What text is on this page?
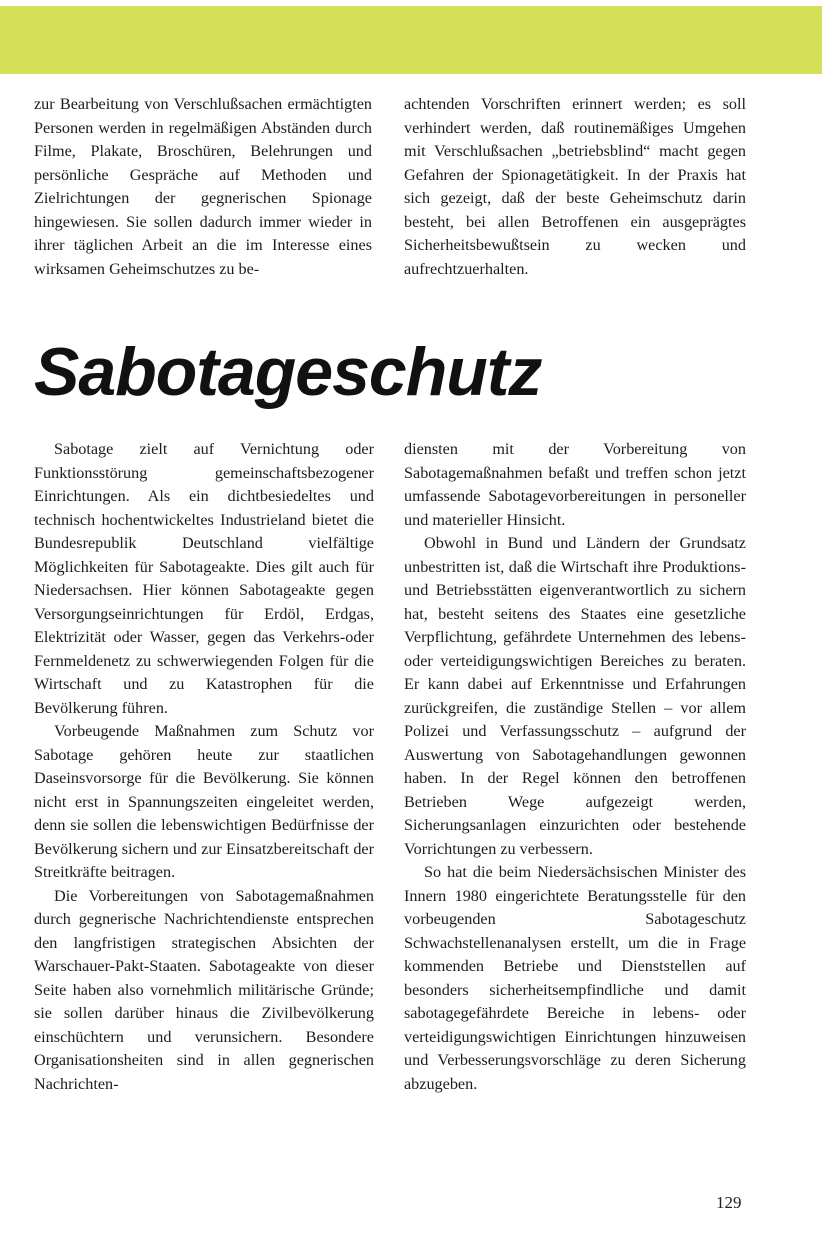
zur Bearbeitung von Verschlußsachen ermächtigten Personen werden in regelmäßigen Abständen durch Filme, Plakate, Broschüren, Belehrungen und persönliche Gespräche auf Methoden und Zielrichtungen der gegnerischen Spionage hingewiesen. Sie sollen dadurch immer wieder in ihrer täglichen Arbeit an die im Interesse eines wirksamen Geheimschutzes zu be-

achtenden Vorschriften erinnert werden; es soll verhindert werden, daß routinemäßiges Umgehen mit Verschlußsachen „betriebsblind“ macht gegen Gefahren der Spionagetätigkeit. In der Praxis hat sich gezeigt, daß der beste Geheimschutz darin besteht, bei allen Betroffenen ein ausgeprägtes Sicherheitsbewußtsein zu wecken und aufrechtzuerhalten.

Sabotageschutz

Sabotage zielt auf Vernichtung oder Funktionsstörung gemeinschaftsbezogener Einrichtungen. Als ein dichtbesiedeltes und technisch hochentwickeltes Industrieland bietet die Bundesrepublik Deutschland vielfältige Möglichkeiten für Sabotageakte. Dies gilt auch für Niedersachsen. Hier können Sabotageakte gegen Versorgungseinrichtungen für Erdöl, Erdgas, Elektrizität oder Wasser, gegen das Verkehrs-oder Fernmeldenetz zu schwerwiegenden Folgen für die Wirtschaft und zu Katastrophen für die Bevölkerung führen.

Vorbeugende Maßnahmen zum Schutz vor Sabotage gehören heute zur staatlichen Daseinsvorsorge für die Bevölkerung. Sie können nicht erst in Spannungszeiten eingeleitet werden, denn sie sollen die lebenswichtigen Bedürfnisse der Bevölkerung sichern und zur Einsatzbereitschaft der Streitkräfte beitragen.

Die Vorbereitungen von Sabotagemaßnahmen durch gegnerische Nachrichtendienste entsprechen den langfristigen strategischen Absichten der Warschauer-Pakt-Staaten. Sabotageakte von dieser Seite haben also vornehmlich militärische Gründe; sie sollen darüber hinaus die Zivilbevölkerung einschüchtern und verunsichern. Besondere Organisationsheiten sind in allen gegnerischen Nachrichten-

diensten mit der Vorbereitung von Sabotagemaßnahmen befaßt und treffen schon jetzt umfassende Sabotagevorbereitungen in personeller und materieller Hinsicht.

Obwohl in Bund und Ländern der Grundsatz unbestritten ist, daß die Wirtschaft ihre Produktions- und Betriebsstätten eigenverantwortlich zu sichern hat, besteht seitens des Staates eine gesetzliche Verpflichtung, gefährdete Unternehmen des lebens- oder verteidigungswichtigen Bereiches zu beraten. Er kann dabei auf Erkenntnisse und Erfahrungen zurückgreifen, die zuständige Stellen – vor allem Polizei und Verfassungsschutz – aufgrund der Auswertung von Sabotagehandlungen gewonnen haben. In der Regel können den betroffenen Betrieben Wege aufgezeigt werden, Sicherungsanlagen einzurichten oder bestehende Vorrichtungen zu verbessern.

So hat die beim Niedersächsischen Minister des Innern 1980 eingerichtete Beratungsstelle für den vorbeugenden Sabotageschutz Schwachstellenanalysen erstellt, um die in Frage kommenden Betriebe und Dienststellen auf besonders sicherheitsempfindliche und damit sabotagegefährdete Bereiche in lebens- oder verteidigungswichtigen Einrichtungen hinzuweisen und Verbesserungsvorschläge zu deren Sicherung abzugeben.

129
